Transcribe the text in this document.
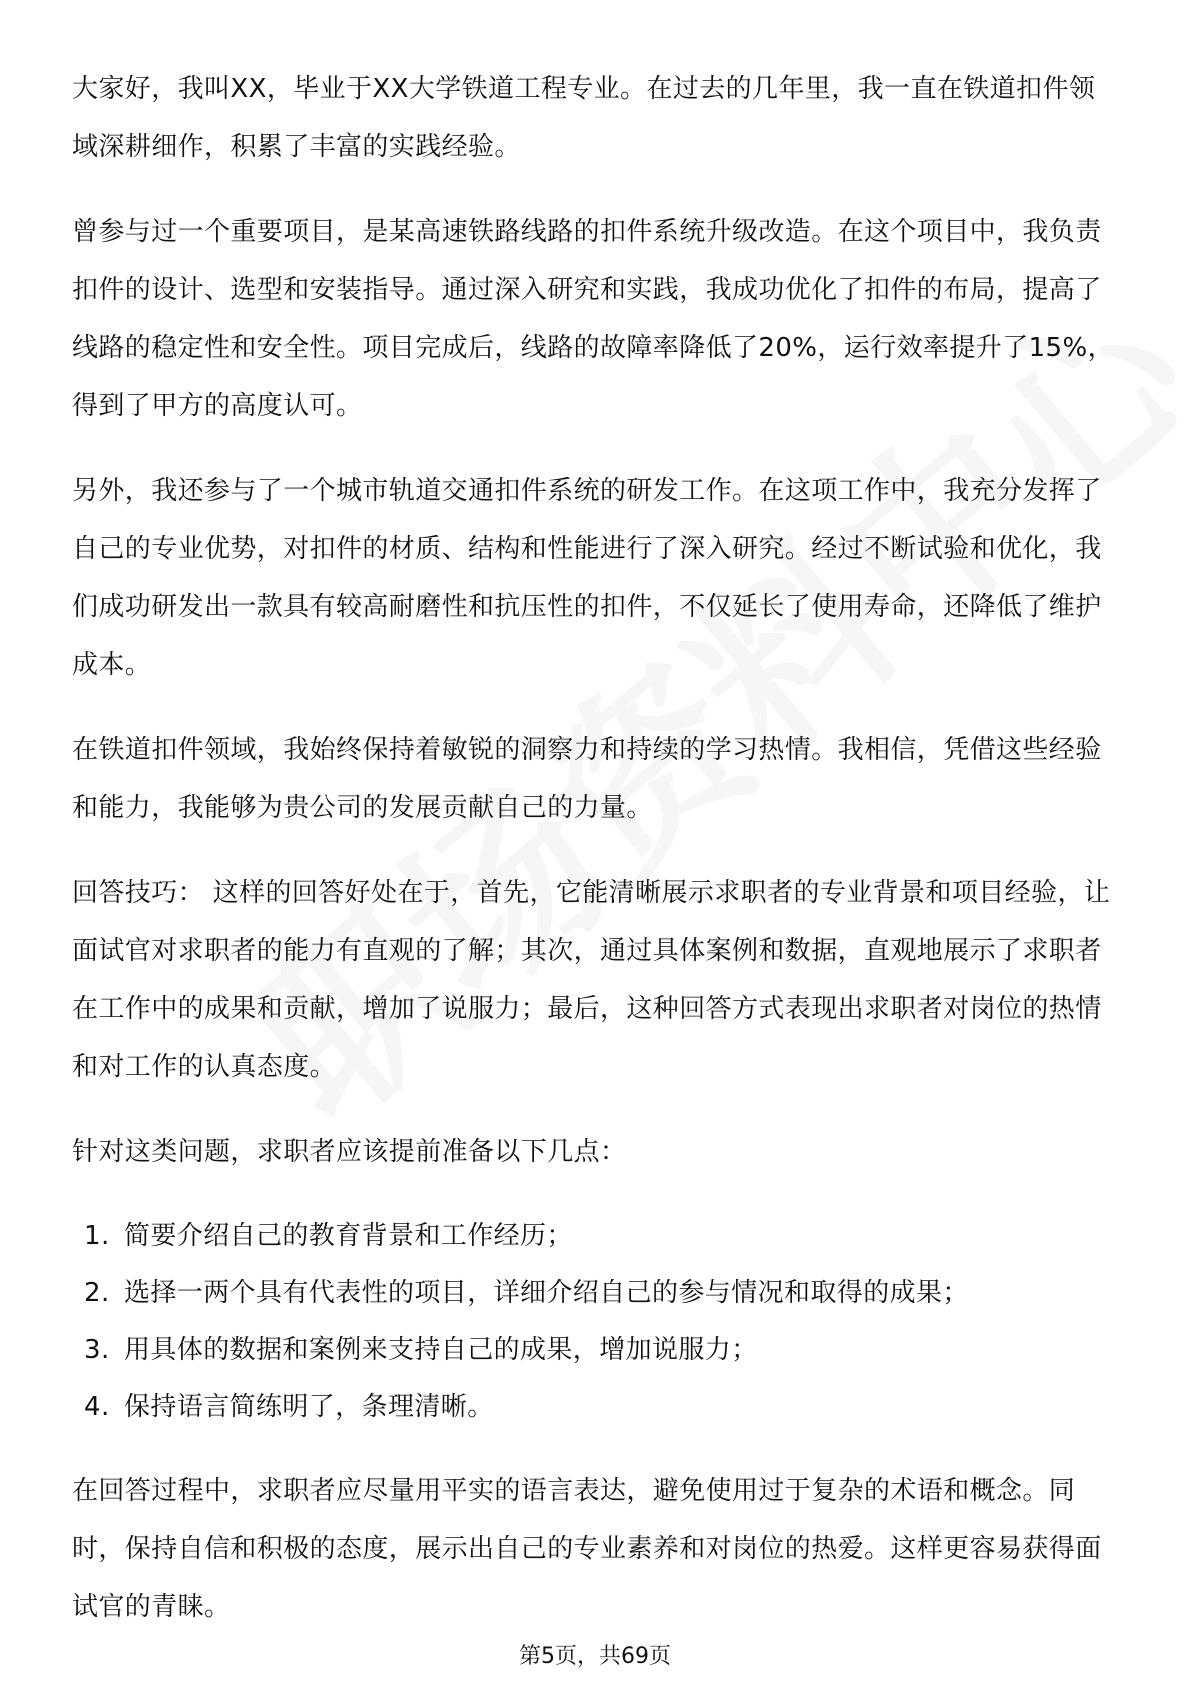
大家好，我叫XX，毕业于XX大学铁道工程专业。在过去的几年里，我一直在铁道扣件领域深耕细作，积累了丰富的实践经验。

曾参与过一个重要项目，是某高速铁路线路的扣件系统升级改造。在这个项目中，我负责扣件的设计、选型和安装指导。通过深入研究和实践，我成功优化了扣件的布局，提高了线路的稳定性和安全性。项目完成后，线路的故障率降低了20%，运行效率提升了15%，得到了甲方的高度认可。

另外，我还参与了一个城市轨道交通扣件系统的研发工作。在这项工作中，我充分发挥了自己的专业优势，对扣件的材质、结构和性能进行了深入研究。经过不断试验和优化，我们成功研发出一款具有较高耐磨性和抗压性的扣件，不仅延长了使用寿命，还降低了维护成本。

在铁道扣件领域，我始终保持着敏锐的洞察力和持续的学习热情。我相信，凭借这些经验和能力，我能够为贵公司的发展贡献自己的力量。

回答技巧： 这样的回答好处在于，首先，它能清晰展示求职者的专业背景和项目经验，让面试官对求职者的能力有直观的了解；其次，通过具体案例和数据，直观地展示了求职者在工作中的成果和贡献，增加了说服力；最后，这种回答方式表现出求职者对岗位的热情和对工作的认真态度。

针对这类问题，求职者应该提前准备以下几点：

1. 简要介绍自己的教育背景和工作经历；
2. 选择一两个具有代表性的项目，详细介绍自己的参与情况和取得的成果；
3. 用具体的数据和案例来支持自己的成果，增加说服力；
4. 保持语言简练明了，条理清晰。

在回答过程中，求职者应尽量用平实的语言表达，避免使用过于复杂的术语和概念。同时，保持自信和积极的态度，展示出自己的专业素养和对岗位的热爱。这样更容易获得面试官的青睐。

第5页，共69页
